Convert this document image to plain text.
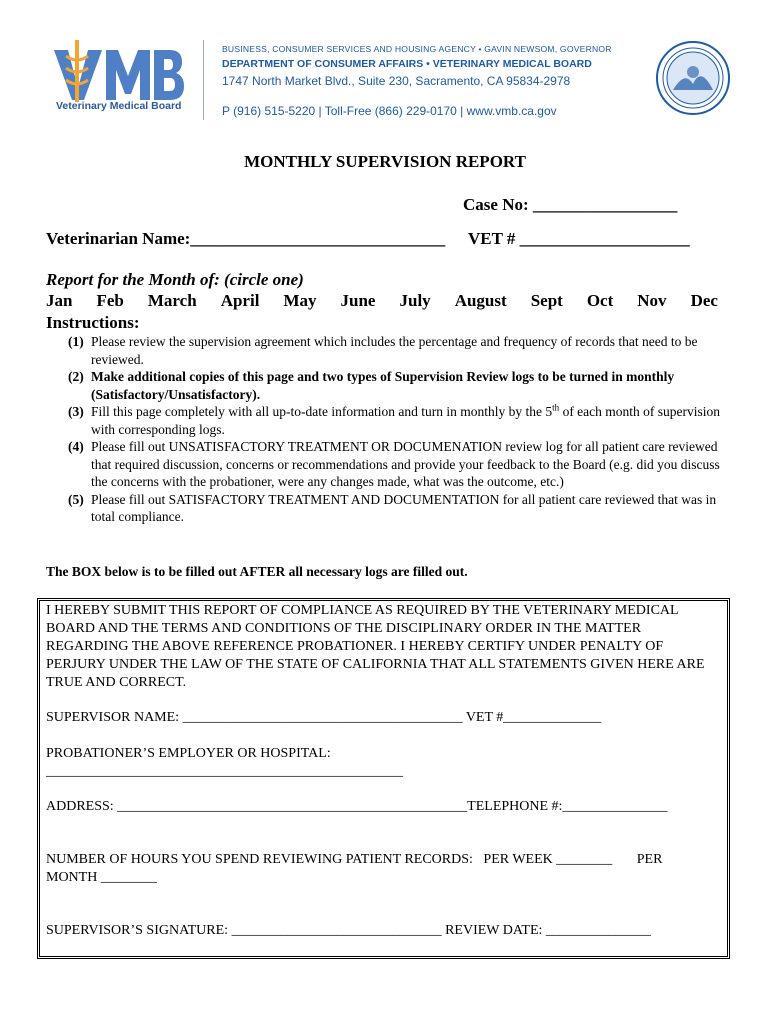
Veterinary Medical Board
BUSINESS, CONSUMER SERVICES AND HOUSING AGENCY • GAVIN NEWSOM, GOVERNOR
DEPARTMENT OF CONSUMER AFFAIRS • VETERINARY MEDICAL BOARD
1747 North Market Blvd., Suite 230, Sacramento, CA 95834-2978
P (916) 515-5220 | Toll-Free (866) 229-0170 | www.vmb.ca.gov
MONTHLY SUPERVISION REPORT
Case No: _________________
Veterinarian Name:______________________________ VET # ____________________
Report for the Month of: (circle one)
Jan Feb March April May June July August Sept Oct Nov Dec
Instructions:
(1) Please review the supervision agreement which includes the percentage and frequency of records that need to be reviewed.
(2) Make additional copies of this page and two types of Supervision Review logs to be turned in monthly (Satisfactory/Unsatisfactory).
(3) Fill this page completely with all up-to-date information and turn in monthly by the 5th of each month of supervision with corresponding logs.
(4) Please fill out UNSATISFACTORY TREATMENT OR DOCUMENATION review log for all patient care reviewed that required discussion, concerns or recommendations and provide your feedback to the Board (e.g. did you discuss the concerns with the probationer, were any changes made, what was the outcome, etc.)
(5) Please fill out SATISFACTORY TREATMENT AND DOCUMENTATION for all patient care reviewed that was in total compliance.
The BOX below is to be filled out AFTER all necessary logs are filled out.
I HEREBY SUBMIT THIS REPORT OF COMPLIANCE AS REQUIRED BY THE VETERINARY MEDICAL BOARD AND THE TERMS AND CONDITIONS OF THE DISCIPLINARY ORDER IN THE MATTER REGARDING THE ABOVE REFERENCE PROBATIONER. I HEREBY CERTIFY UNDER PENALTY OF PERJURY UNDER THE LAW OF THE STATE OF CALIFORNIA THAT ALL STATEMENTS GIVEN HERE ARE TRUE AND CORRECT.
SUPERVISOR NAME: ________________________________________ VET #______________
PROBATIONER’S EMPLOYER OR HOSPITAL:
___________________________________________________
ADDRESS: __________________________________________________TELEPHONE #:_______________
NUMBER OF HOURS YOU SPEND REVIEWING PATIENT RECORDS:   PER WEEK ________       PER
MONTH ________
SUPERVISOR’S SIGNATURE: ______________________________ REVIEW DATE: _______________
